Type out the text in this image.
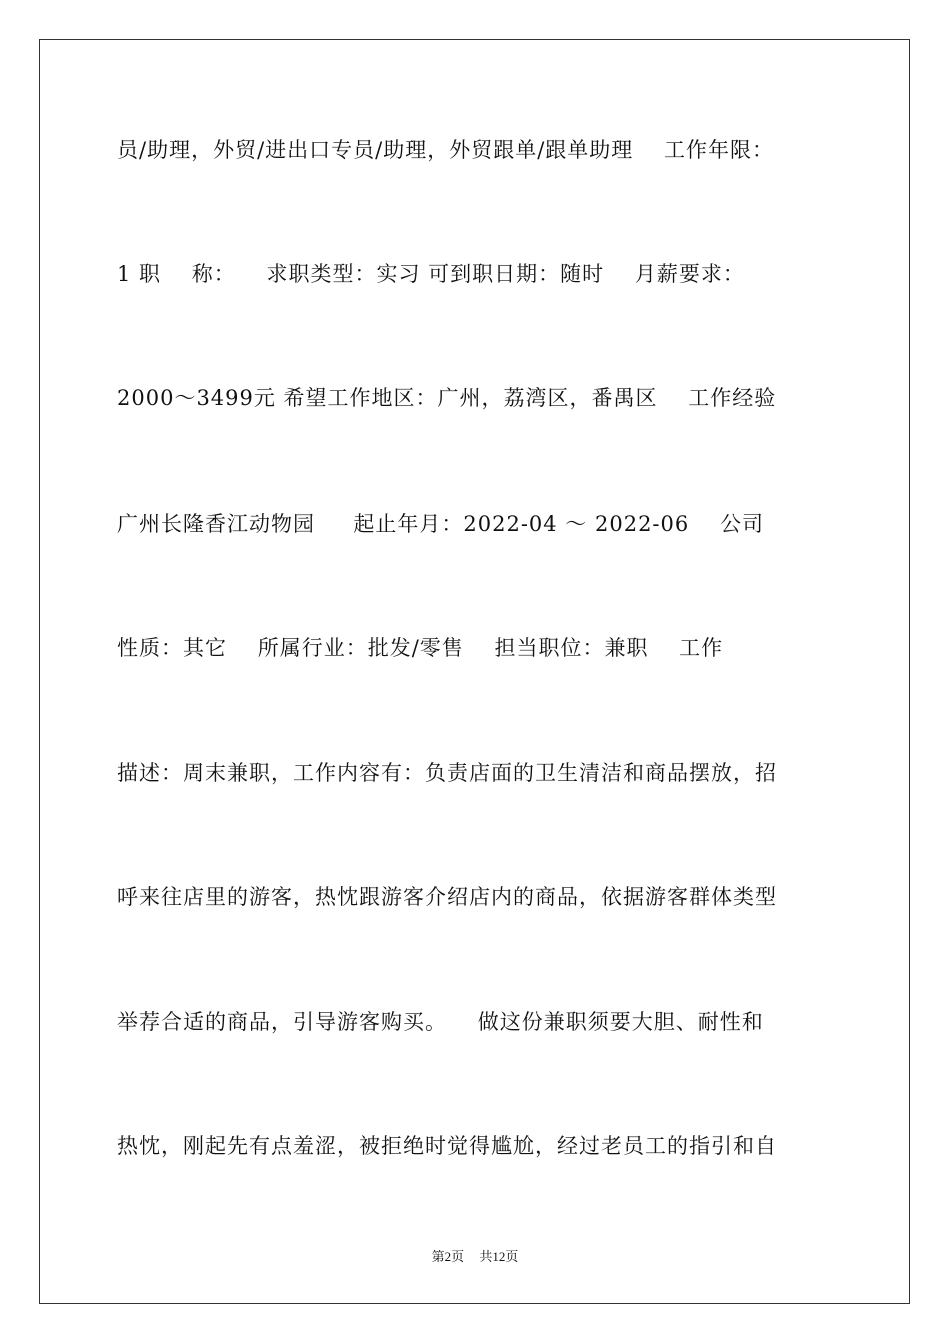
员/助理，外贸/进出口专员/助理，外贸跟单/跟单助理    工作年限：
1 职    称：    求职类型：实习 可到职日期：随时    月薪要求：
2000～3499元 希望工作地区：广州，荔湾区，番禺区    工作经验
广州长隆香江动物园     起止年月：2022-04 ～ 2022-06    公司
性质：其它    所属行业：批发/零售    担当职位：兼职    工作
描述：周末兼职，工作内容有：负责店面的卫生清洁和商品摆放，招
呼来往店里的游客，热忱跟游客介绍店内的商品，依据游客群体类型
举荐合适的商品，引导游客购买。    做这份兼职须要大胆、耐性和
热忱，刚起先有点羞涩，被拒绝时觉得尴尬，经过老员工的指引和自
第2页 共12页
